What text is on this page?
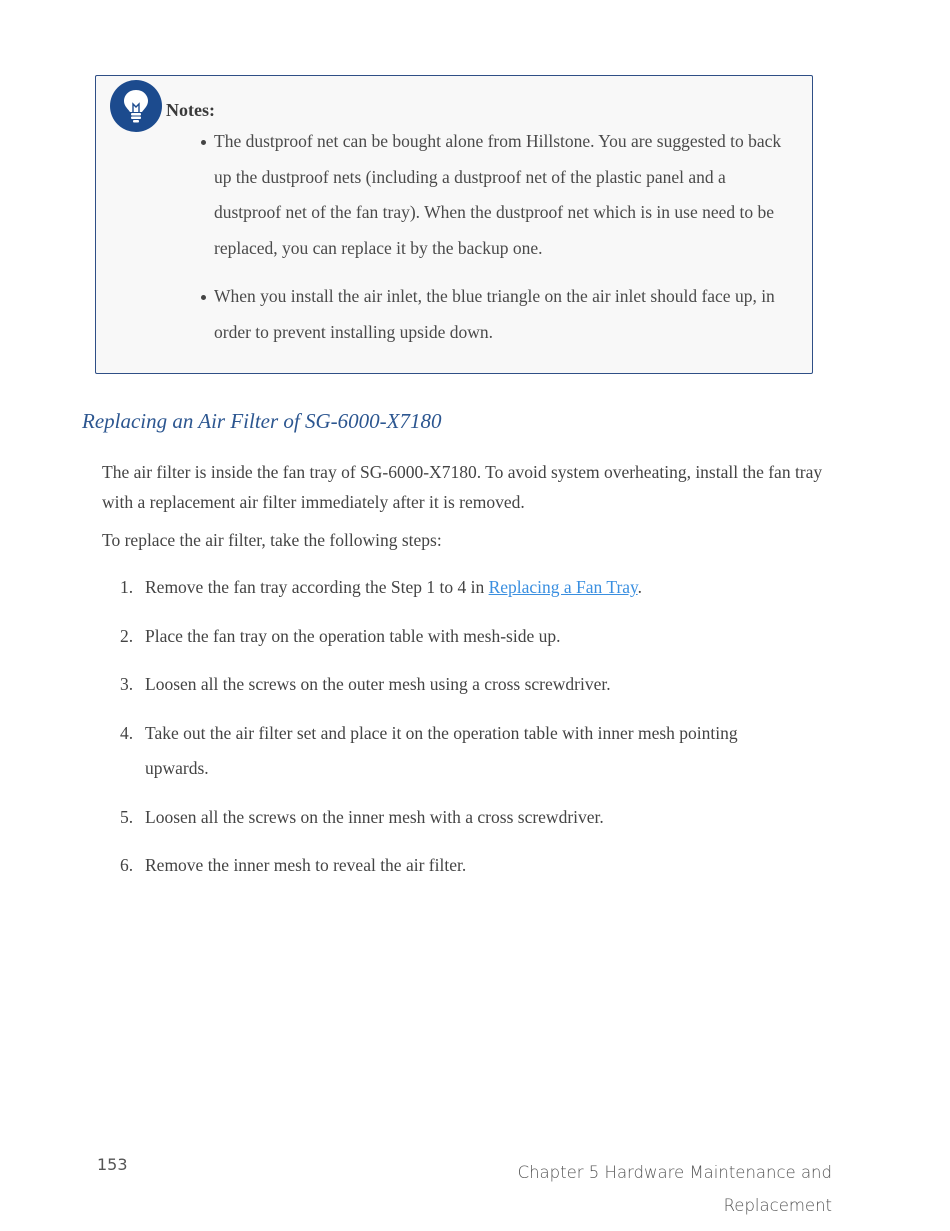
Notes:
The dustproof net can be bought alone from Hillstone. You are suggested to back up the dustproof nets (including a dustproof net of the plastic panel and a dustproof net of the fan tray). When the dustproof net which is in use need to be replaced, you can replace it by the backup one.
When you install the air inlet, the blue triangle on the air inlet should face up, in order to prevent installing upside down.
Replacing an Air Filter of SG-6000-X7180
The air filter is inside the fan tray of SG-6000-X7180. To avoid system overheating, install the fan tray with a replacement air filter immediately after it is removed.
To replace the air filter, take the following steps:
1. Remove the fan tray according the Step 1 to 4 in Replacing a Fan Tray.
2. Place the fan tray on the operation table with mesh-side up.
3. Loosen all the screws on the outer mesh using a cross screwdriver.
4. Take out the air filter set and place it on the operation table with inner mesh pointing upwards.
5. Loosen all the screws on the inner mesh with a cross screwdriver.
6. Remove the inner mesh to reveal the air filter.
153	Chapter 5 Hardware Maintenance and Replacement
